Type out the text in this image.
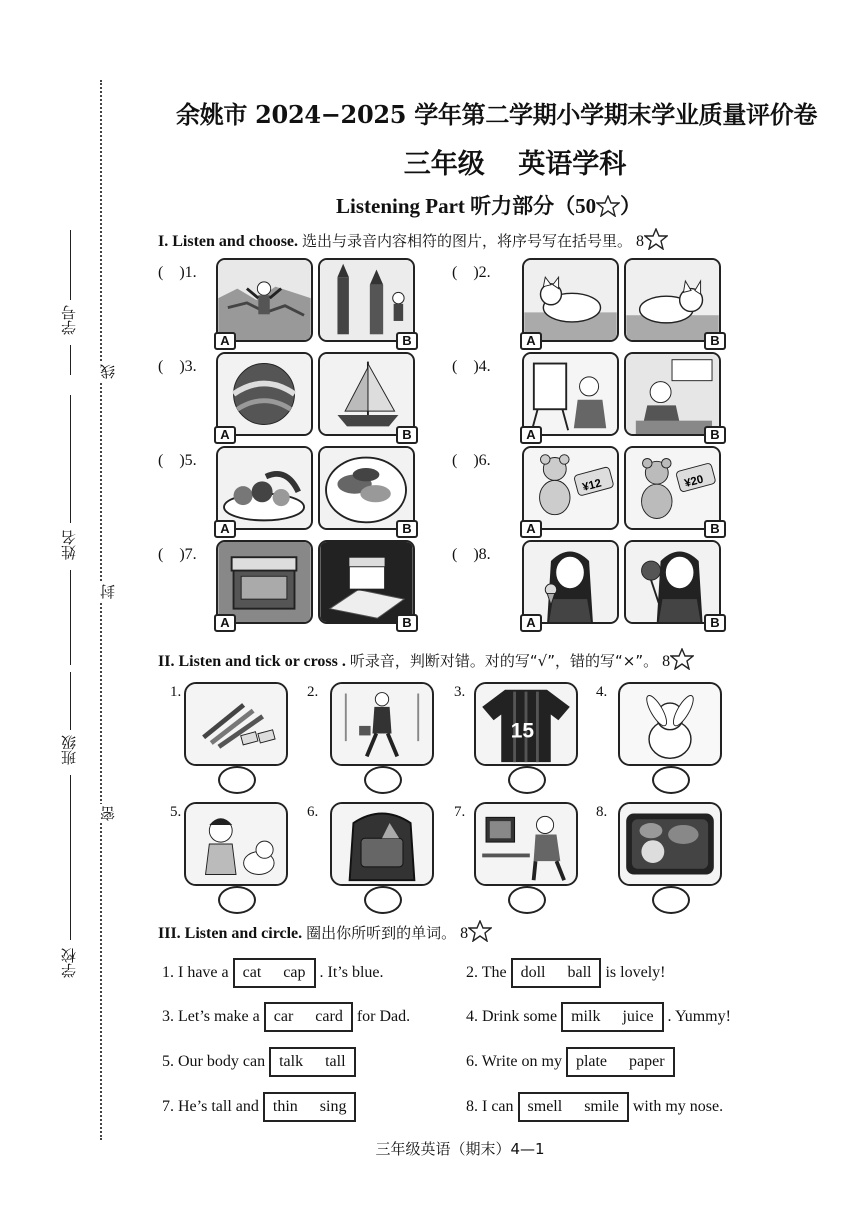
学号
姓名
班级
学校
线
封
密
余姚市 2024−2025 学年第二学期小学期末学业质量评价卷
三年级 英语学科
Listening Part 听力部分（50 ）
I. Listen and choose. 选出与录音内容相符的图片，将序号写在括号里。 8
(    )1.
A	B
(    )2.
A	B
(    )3.
A	B
(    )4.
A	B
(    )5.
A	B
(    )6.
¥12
A
¥20
B
(    )7.
A	B
(    )8.
A	B
II. Listen and tick or cross . 听录音，判断对错。对的写“√”，错的写“×”。 8
1.	2.	3.
15
4.
5.	6.	7.	8.
III. Listen and circle. 圈出你所听到的单词。 8
1. I have a cat cap . It’s blue.	2. The doll ball is lovely!
3. Let’s make a car card for Dad.	4. Drink some milk juice . Yummy!
5. Our body can talk tall	6. Write on my plate paper
7. He’s tall and thin sing	8. I can smell smile with my nose.
三年级英语（期末）4—1
